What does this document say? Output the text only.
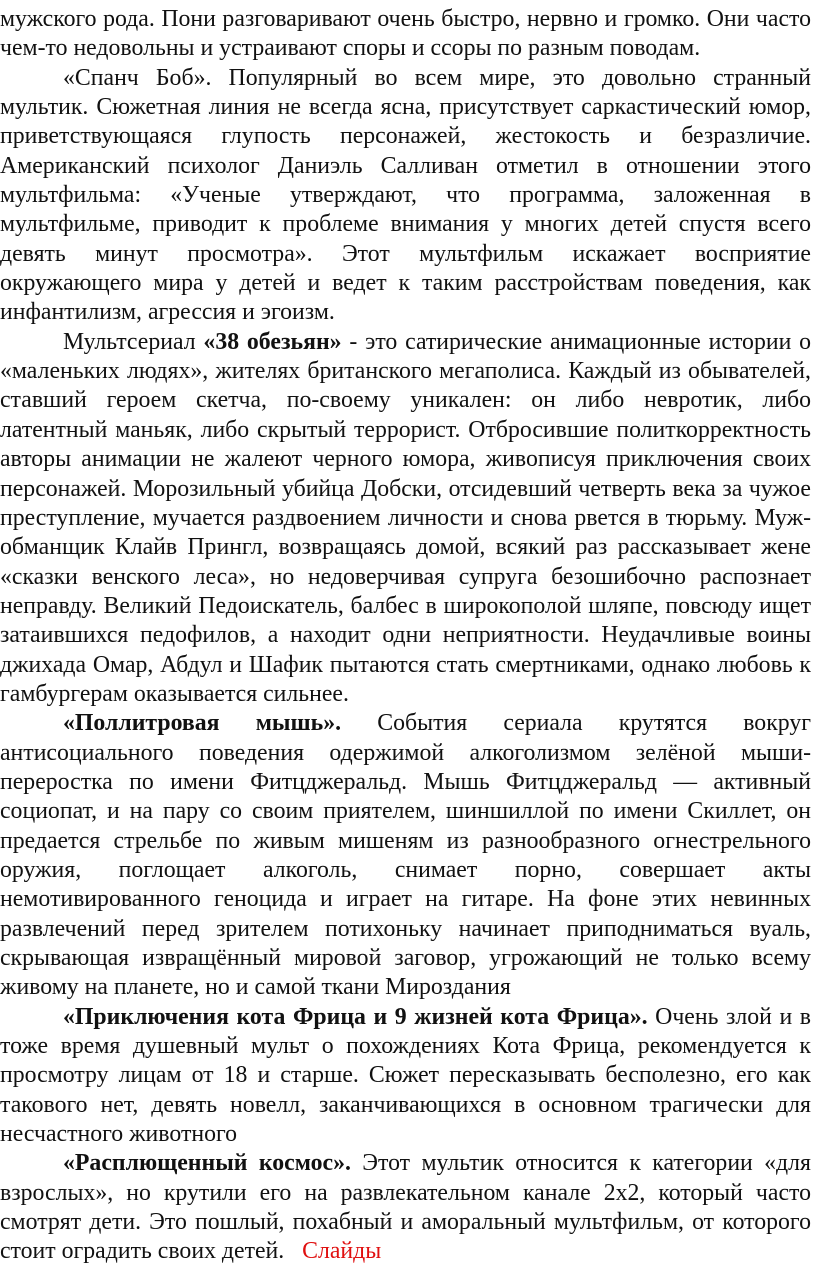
мужского рода. Пони разговаривают очень быстро, нервно и громко. Они часто чем-то недовольны и устраивают споры и ссоры по разным поводам.

«Спанч Боб». Популярный во всем мире, это довольно странный мультик. Сюжетная линия не всегда ясна, присутствует саркастический юмор, приветствующаяся глупость персонажей, жестокость и безразличие. Американский психолог Даниэль Салливан отметил в отношении этого мультфильма: «Ученые утверждают, что программа, заложенная в мультфильме, приводит к проблеме внимания у многих детей спустя всего девять минут просмотра». Этот мультфильм искажает восприятие окружающего мира у детей и ведет к таким расстройствам поведения, как инфантилизм, агрессия и эгоизм.

Мультсериал «38 обезьян» - это сатирические анимационные истории о «маленьких людях», жителях британского мегаполиса. Каждый из обывателей, ставший героем скетча, по-своему уникален: он либо невротик, либо латентный маньяк, либо скрытый террорист. Отбросившие политкорректность авторы анимации не жалеют черного юмора, живописуя приключения своих персонажей. Морозильный убийца Добски, отсидевший четверть века за чужое преступление, мучается раздвоением личности и снова рвется в тюрьму. Муж-обманщик Клайв Прингл, возвращаясь домой, всякий раз рассказывает жене «сказки венского леса», но недоверчивая супруга безошибочно распознает неправду. Великий Педоискатель, балбес в широкополой шляпе, повсюду ищет затаившихся педофилов, а находит одни неприятности. Неудачливые воины джихада Омар, Абдул и Шафик пытаются стать смертниками, однако любовь к гамбургерам оказывается сильнее.

«Поллитровая мышь». События сериала крутятся вокруг антисоциального поведения одержимой алкоголизмом зелёной мыши-переростка по имени Фитцджеральд. Мышь Фитцджеральд — активный социопат, и на пару со своим приятелем, шиншиллой по имени Скиллет, он предается стрельбе по живым мишеням из разнообразного огнестрельного оружия, поглощает алкоголь, снимает порно, совершает акты немотивированного геноцида и играет на гитаре. На фоне этих невинных развлечений перед зрителем потихоньку начинает приподниматься вуаль, скрывающая извращённый мировой заговор, угрожающий не только всему живому на планете, но и самой ткани Мироздания

«Приключения кота Фрица и 9 жизней кота Фрица». Очень злой и в тоже время душевный мульт о похождениях Кота Фрица, рекомендуется к просмотру лицам от 18 и старше. Сюжет пересказывать бесполезно, его как такового нет, девять новелл, заканчивающихся в основном трагически для несчастного животного

«Расплющенный космос». Этот мультик относится к категории «для взрослых», но крутили его на развлекательном канале 2x2, который часто смотрят дети. Это пошлый, похабный и аморальный мультфильм, от которого стоит оградить своих детей. Слайды
